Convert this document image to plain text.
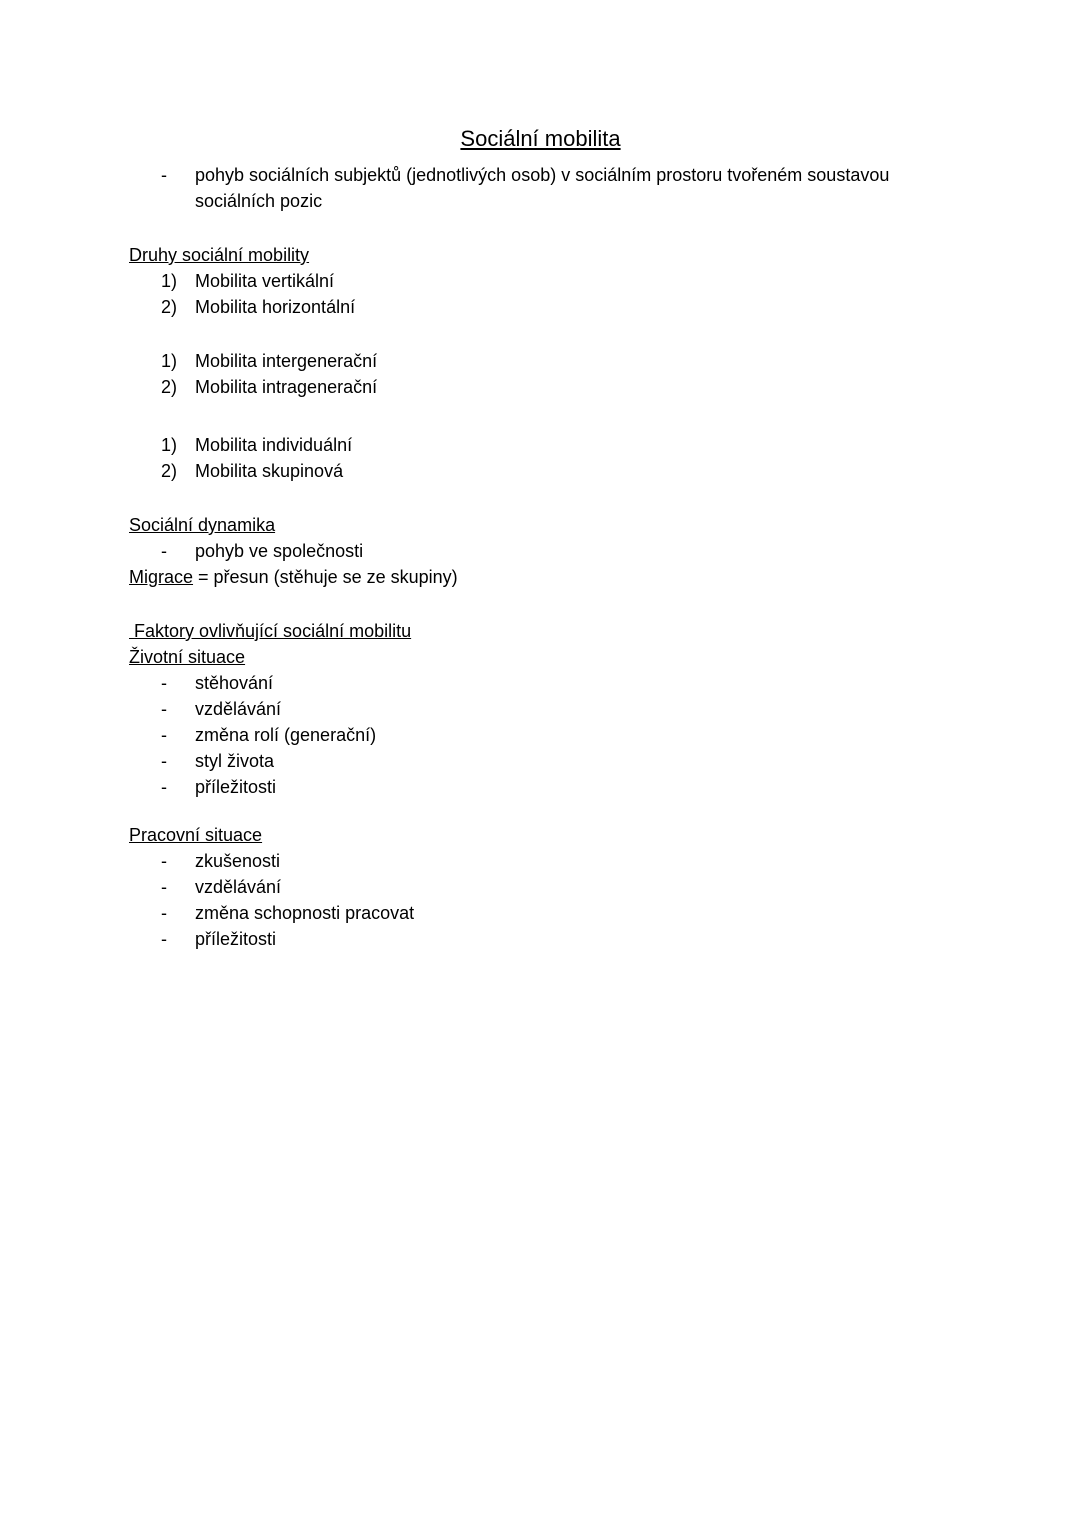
Sociální mobilita
-	pohyb sociálních subjektů (jednotlivých osob) v sociálním prostoru tvořeném soustavou sociálních pozic
Druhy sociální mobility
1) Mobilita vertikální
2) Mobilita horizontální
1) Mobilita intergenerační
2) Mobilita intragenerační
1) Mobilita individuální
2) Mobilita skupinová
Sociální dynamika
-	pohyb ve společnosti

Migrace = přesun (stěhuje se ze skupiny)

Faktory ovlivňující sociální mobilitu
Životní situace
-	stěhování
-	vzdělávání
-	změna rolí (generační)
-	styl života
-	příležitosti
Pracovní situace
-	zkušenosti
-	vzdělávání
-	změna schopnosti pracovat
-	příležitosti
